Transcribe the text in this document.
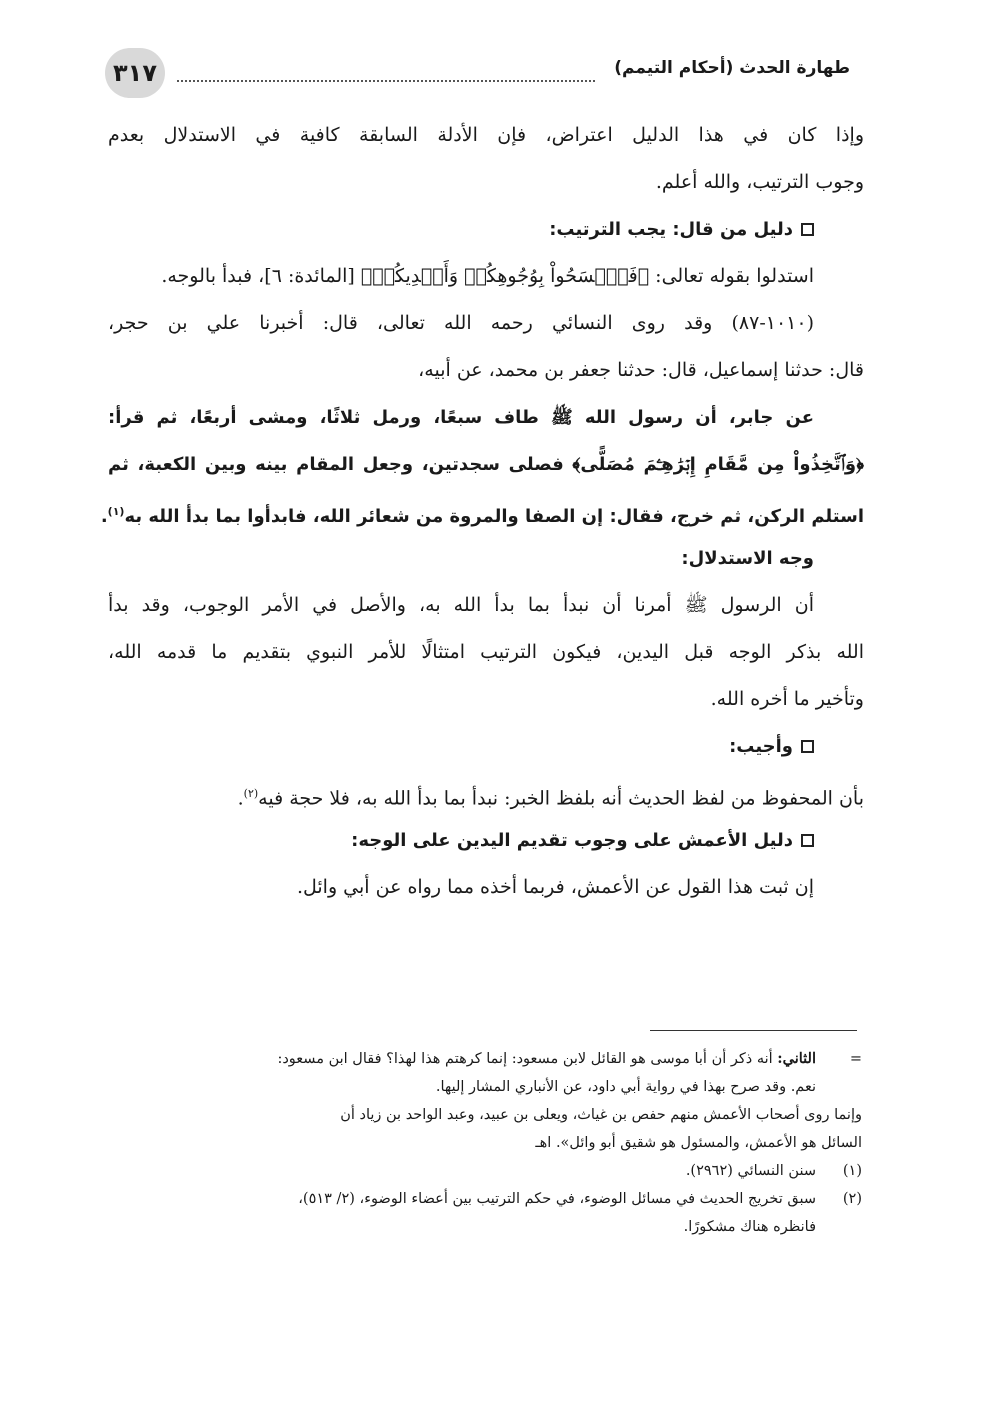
٣١٧	طهارة الحدث (أحكام التيمم)
وإذا كان في هذا الدليل اعتراض، فإن الأدلة السابقة كافية في الاستدلال بعدم
وجوب الترتيب، والله أعلم.
دليل من قال: يجب الترتيب:
استدلوا بقوله تعالى: ﴿فَٱمۡسَحُواْ بِوُجُوهِكُمۡ وَأَيۡدِيكُمۡ﴾ [المائدة: ٦]، فبدأ بالوجه.
(١٠١٠-٨٧) وقد روى النسائي رحمه الله تعالى، قال: أخبرنا علي بن حجر،
قال: حدثنا إسماعيل، قال: حدثنا جعفر بن محمد، عن أبيه،
عن جابر، أن رسول الله ﷺ طاف سبعًا، ورمل ثلاثًا، ومشى أربعًا، ثم قرأ:
﴿وَٱتَّخِذُواْ مِن مَّقَامِ إِبۡرَٰهِـۧمَ مُصَلًّى﴾ فصلى سجدتين، وجعل المقام بينه وبين الكعبة، ثم
استلم الركن، ثم خرج، فقال: إن الصفا والمروة من شعائر الله، فابدأوا بما بدأ الله به$^{(١)}$.
وجه الاستدلال:
أن الرسول ﷺ أمرنا أن نبدأ بما بدأ الله به، والأصل في الأمر الوجوب، وقد بدأ
الله بذكر الوجه قبل اليدين، فيكون الترتيب امتثالًا للأمر النبوي بتقديم ما قدمه الله،
وتأخير ما أخره الله.
وأجيب:
بأن المحفوظ من لفظ الحديث أنه بلفظ الخبر: نبدأ بما بدأ الله به، فلا حجة فيه$^{(٢)}$.
دليل الأعمش على وجوب تقديم اليدين على الوجه:
إن ثبت هذا القول عن الأعمش، فربما أخذه مما رواه عن أبي وائل.
=
الثاني: أنه ذكر أن أبا موسى هو القائل لابن مسعود: إنما كرهتم هذا لهذا؟ فقال ابن مسعود:
نعم. وقد صرح بهذا في رواية أبي داود، عن الأنباري المشار إليها.
وإنما روى أصحاب الأعمش منهم حفص بن غياث، ويعلى بن عبيد، وعبد الواحد بن زياد أن
السائل هو الأعمش، والمسئول هو شقيق أبو وائل». اهـ
(١)
سنن النسائي (٢٩٦٢).
(٢)
سبق تخريج الحديث في مسائل الوضوء، في حكم الترتيب بين أعضاء الوضوء، (٢/ ٥١٣)،
فانظره هناك مشكورًا.
